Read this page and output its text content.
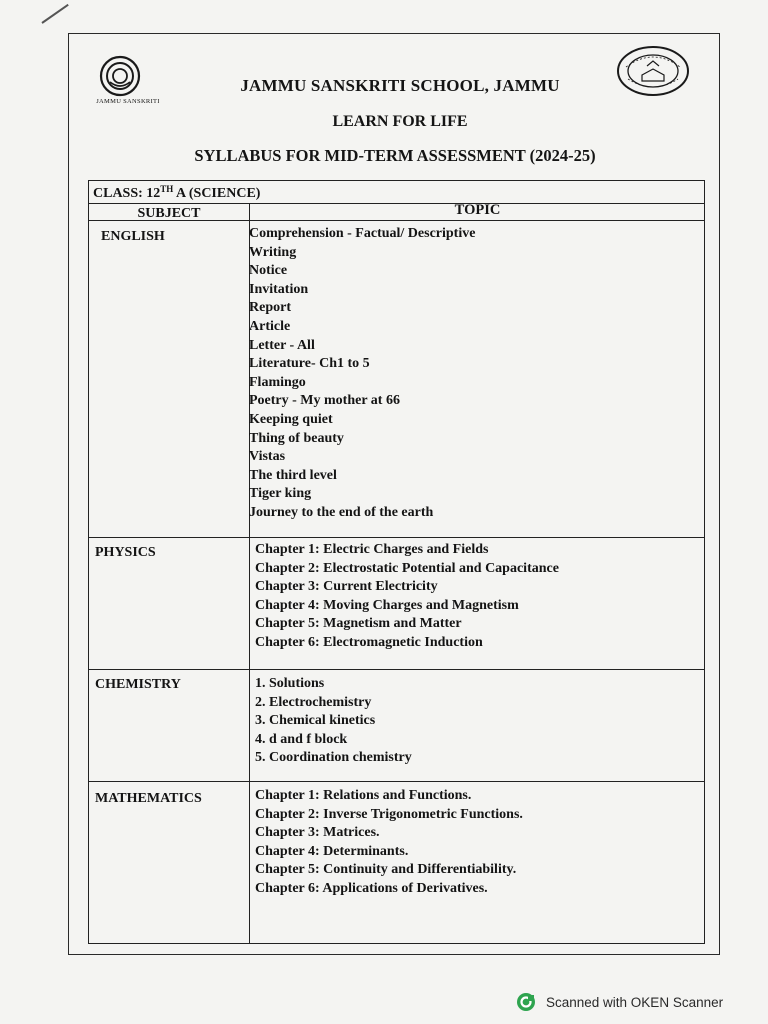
JAMMU SANSKRITI
JAMMU SANSKRITI SCHOOL, JAMMU
LEARN FOR LIFE
SYLLABUS FOR MID-TERM ASSESSMENT (2024-25)
CLASS: 12TH A (SCIENCE)
SUBJECT	TOPIC
ENGLISH	Comprehension - Factual/ Descriptive
Writing
Notice
Invitation
Report
Article
Letter - All
Literature- Ch1 to 5
Flamingo
Poetry - My mother at 66
Keeping quiet
Thing of beauty
Vistas
The third level
Tiger king
Journey to the end of the earth
PHYSICS	Chapter 1: Electric Charges and Fields
Chapter 2: Electrostatic Potential and Capacitance
Chapter 3: Current Electricity
Chapter 4: Moving Charges and Magnetism
Chapter 5: Magnetism and Matter
Chapter 6: Electromagnetic Induction
CHEMISTRY	1. Solutions
2. Electrochemistry
3. Chemical kinetics
4. d and f block
5. Coordination chemistry
MATHEMATICS	Chapter 1: Relations and Functions.
Chapter 2: Inverse Trigonometric Functions.
Chapter 3: Matrices.
Chapter 4: Determinants.
Chapter 5: Continuity and Differentiability.
Chapter 6: Applications of Derivatives.
Scanned with OKEN Scanner
